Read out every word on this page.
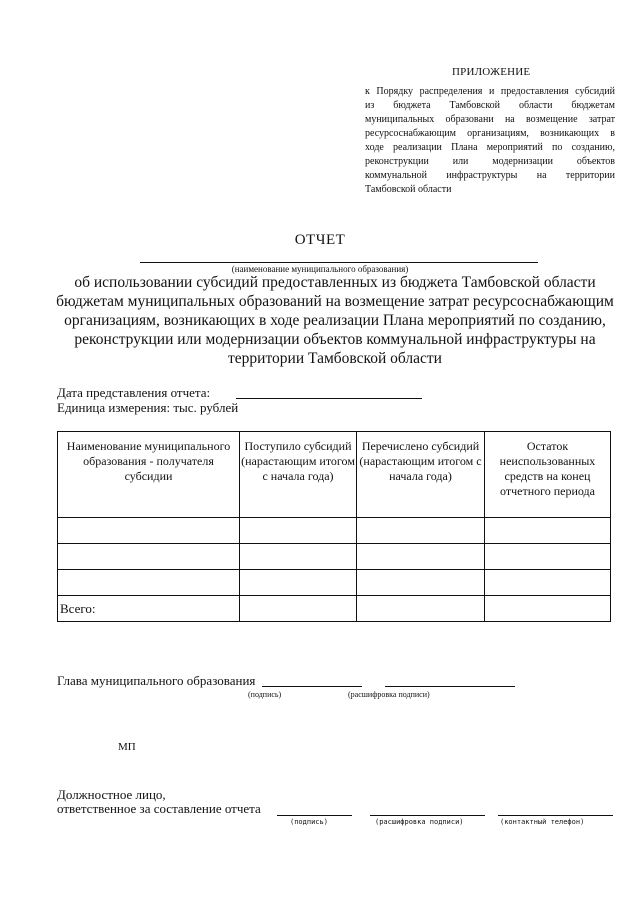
ПРИЛОЖЕНИЕ
к Порядку распределения и предоставления субсидий
из бюджета Тамбовской области бюджетам
муниципальных образовани на возмещение затрат
ресурсоснабжающим организациям, возникающих в
ходе реализации Плана мероприятий по созданию,
реконструкции или модернизации объектов
коммунальной инфраструктуры на территории
Тамбовской области
ОТЧЕТ
(наименование муниципального образования)
об использовании субсидий предоставленных из бюджета Тамбовской области
бюджетам муниципальных образований на возмещение затрат ресурсоснабжающим
организациям, возникающих в ходе реализации Плана мероприятий по созданию,
реконструкции или модернизации объектов коммунальной инфраструктуры на
территории Тамбовской области
Дата представления отчета:
Единица измерения: тыс. рублей
Наименование муниципального образования - получателя субсидии	Поступило субсидий (нарастающим итогом с начала года)	Перечислено субсидий (нарастающим итогом с начала года)	Остаток неиспользованных средств на конец отчетного периода

Всего:			
Глава муниципального образования
(подпись)	(расшифровка подписи)
МП
Должностное лицо,
ответственное за составление отчета
(подпись)	(расшифровка подписи)	(контактный телефон)
